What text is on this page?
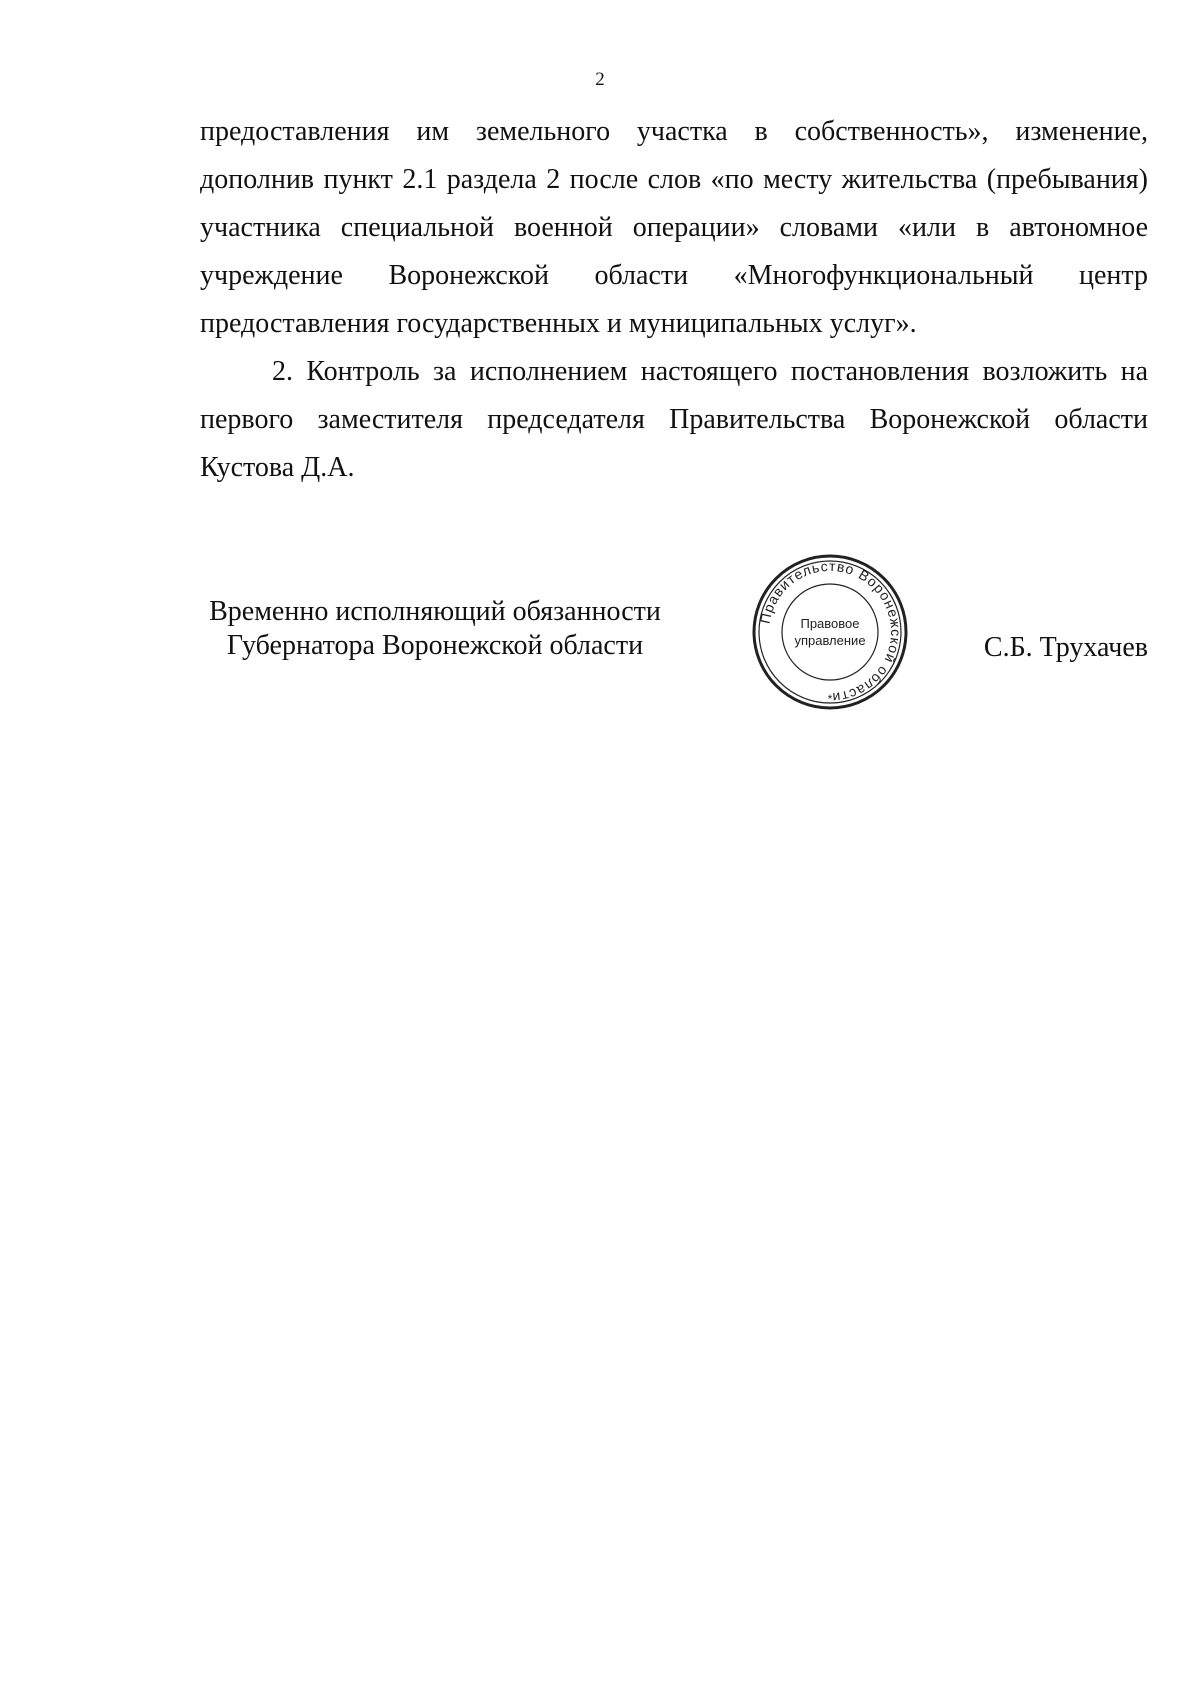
2

предоставления им земельного участка в собственность», изменение, дополнив пункт 2.1 раздела 2 после слов «по месту жительства (пребывания) участника специальной военной операции» словами «или в автономное учреждение Воронежской области «Многофункциональный центр предоставления государственных и муниципальных услуг».

2. Контроль за исполнением настоящего постановления возложить на первого заместителя председателя Правительства Воронежской области Кустова Д.А.

Временно исполняющий обязанности
Губернатора Воронежской области
Правительство Воронежской области
Правовое
управление
*
С.Б. Трухачев
